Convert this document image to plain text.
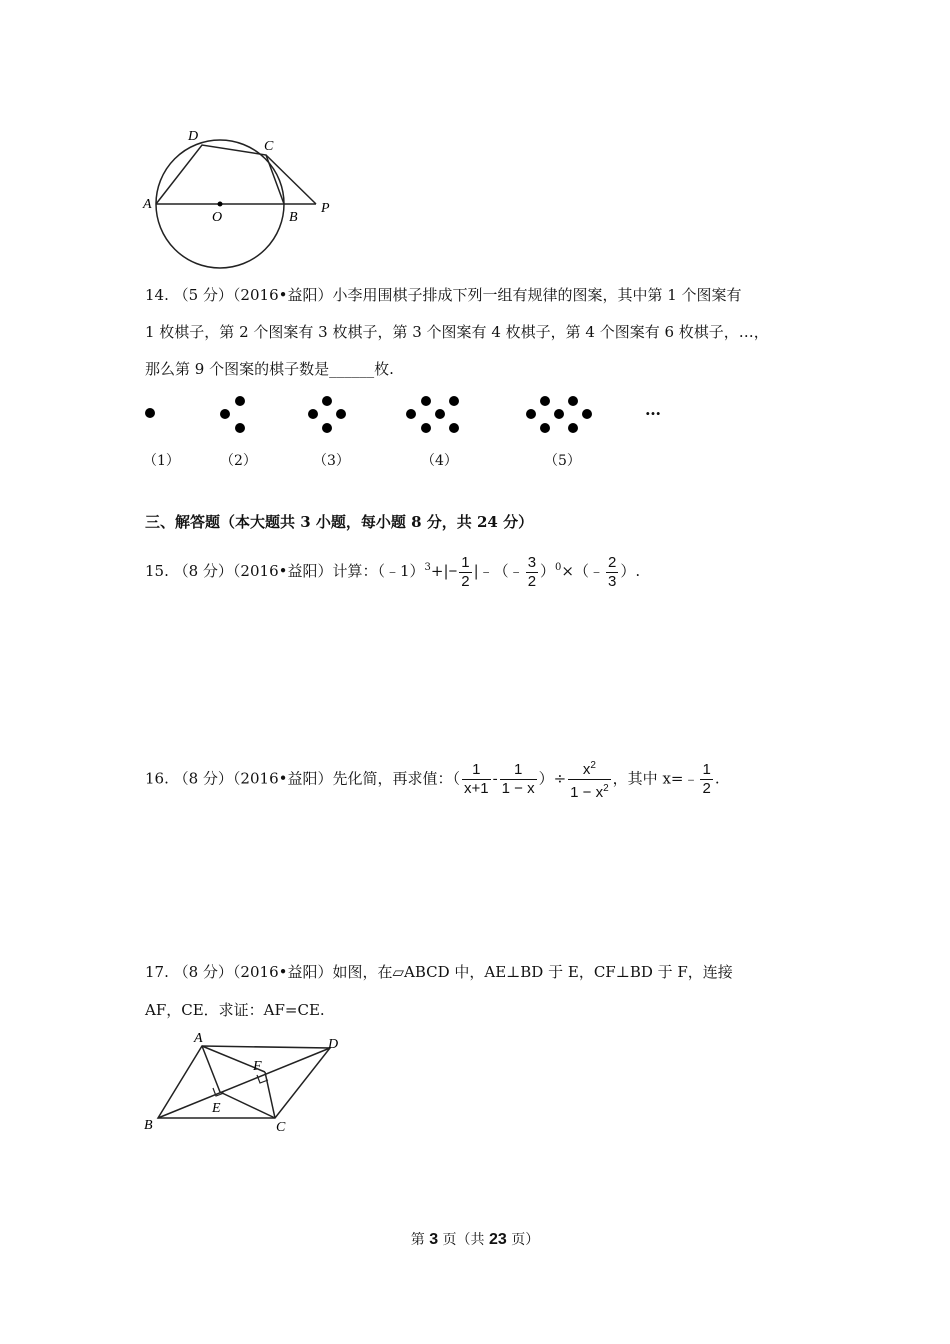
D
C
A
O	B
P
14. （5 分）（2016•益阳）小李用围棋子排成下列一组有规律的图案，其中第 1 个图案有
1 枚棋子，第 2 个图案有 3 枚棋子，第 3 个图案有 4 枚棋子，第 4 个图案有 6 枚棋子，…，
那么第 9 个图案的棋子数是______枚.
…
（1）	（2）	（3）	（4）	（5）
三、解答题（本大题共 3 小题，每小题 8 分，共 24 分）
15. （8 分）（2016•益阳）计算：（﹣1）$^3$+|− $\frac{1}{2}$ |﹣（﹣ $\frac{3}{2}$ ）$^0$×（﹣ $\frac{2}{3}$ ）.
16. （8 分）（2016•益阳）先化简，再求值：（ $\frac{1}{x+1} - \frac{1}{1 - x}$ ）÷ $\frac{x^2}{1 - x^2}$ ，其中 x=﹣ $\frac{1}{2}$ .
17. （8 分）（2016•益阳）如图，在▱ABCD 中，AE⊥BD 于 E，CF⊥BD 于 F，连接
AF，CE．求证：AF=CE.
A	D
F
E
B	C
第 3 页（共 23 页）
